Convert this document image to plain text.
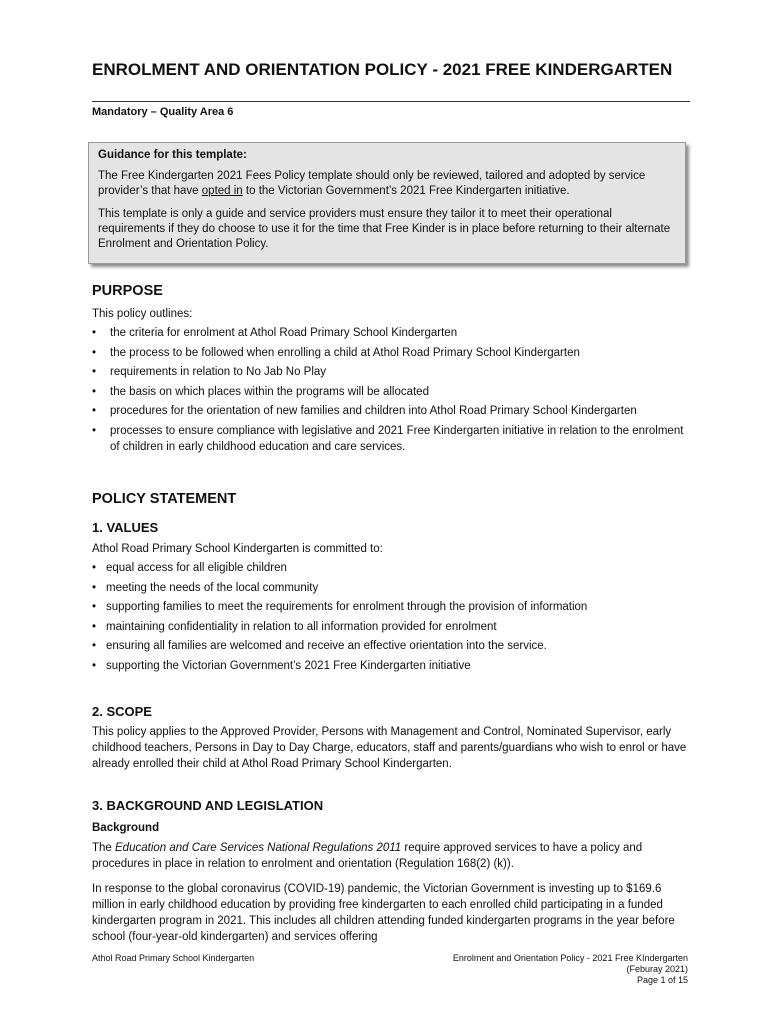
ENROLMENT AND ORIENTATION POLICY - 2021 FREE KINDERGARTEN
Mandatory – Quality Area 6
Guidance for this template:

The Free Kindergarten 2021 Fees Policy template should only be reviewed, tailored and adopted by service provider’s that have opted in to the Victorian Government’s 2021 Free Kindergarten initiative.

This template is only a guide and service providers must ensure they tailor it to meet their operational requirements if they do choose to use it for the time that Free Kinder is in place before returning to their alternate Enrolment and Orientation Policy.

PURPOSE

This policy outlines:

• the criteria for enrolment at Athol Road Primary School Kindergarten
• the process to be followed when enrolling a child at Athol Road Primary School Kindergarten
• requirements in relation to No Jab No Play
• the basis on which places within the programs will be allocated
• procedures for the orientation of new families and children into Athol Road Primary School Kindergarten
• processes to ensure compliance with legislative and 2021 Free Kindergarten initiative in relation to the enrolment of children in early childhood education and care services.
POLICY STATEMENT
1. VALUES

Athol Road Primary School Kindergarten is committed to:

• equal access for all eligible children
• meeting the needs of the local community
• supporting families to meet the requirements for enrolment through the provision of information
• maintaining confidentiality in relation to all information provided for enrolment
• ensuring all families are welcomed and receive an effective orientation into the service.
• supporting the Victorian Government’s 2021 Free Kindergarten initiative
2. SCOPE

This policy applies to the Approved Provider, Persons with Management and Control, Nominated Supervisor, early childhood teachers, Persons in Day to Day Charge, educators, staff and parents/guardians who wish to enrol or have already enrolled their child at Athol Road Primary School Kindergarten.

3. BACKGROUND AND LEGISLATION
Background

The Education and Care Services National Regulations 2011 require approved services to have a policy and procedures in place in relation to enrolment and orientation (Regulation 168(2) (k)).

In response to the global coronavirus (COVID-19) pandemic, the Victorian Government is investing up to $169.6 million in early childhood education by providing free kindergarten to each enrolled child participating in a funded kindergarten program in 2021. This includes all children attending funded kindergarten programs in the year before school (four-year-old kindergarten) and services offering

Athol Road Primary School Kindergarten	Enrolment and Orientation Policy - 2021 Free KIndergarten
(Feburay 2021)
Page 1 of 15
